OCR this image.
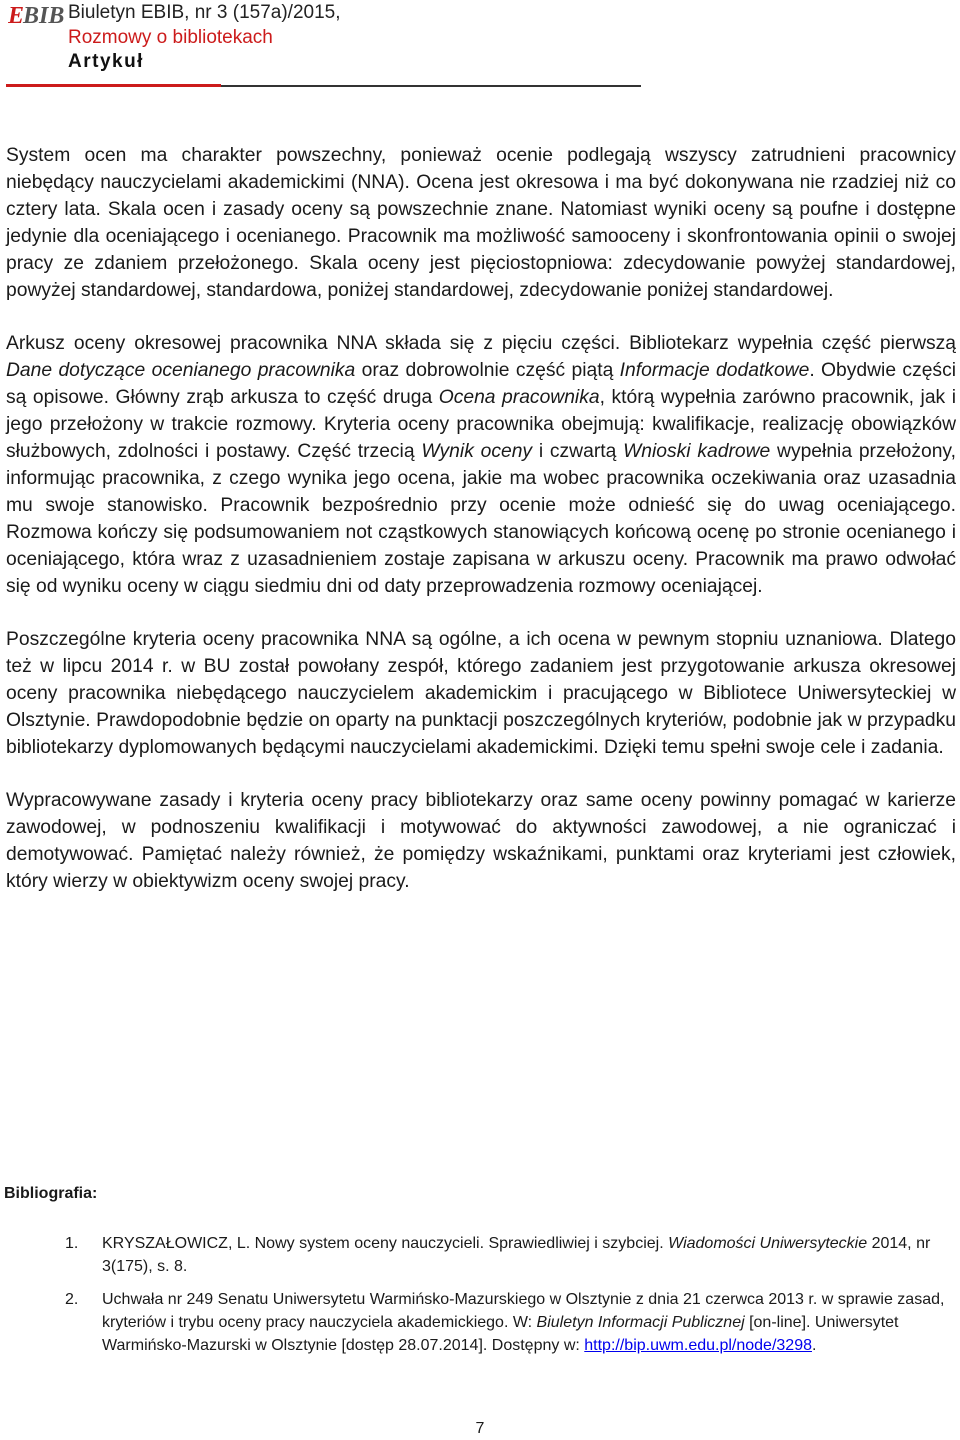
E
BIB Biuletyn EBIB, nr 3 (157a)/2015,
Rozmowy o bibliotekach
Artykuł

System ocen ma charakter powszechny, ponieważ ocenie podlegają wszyscy zatrudnieni pracownicy niebędący nauczycielami akademickimi (NNA). Ocena jest okresowa i ma być dokonywana nie rzadziej niż co cztery lata. Skala ocen i zasady oceny są powszechnie znane. Natomiast wyniki oceny są poufne i dostępne jedynie dla oceniającego i ocenianego. Pracownik ma możliwość samooceny i skonfrontowania opinii o swojej pracy ze zdaniem przełożonego. Skala oceny jest pięciostopniowa: zdecydowanie powyżej standardowej, powyżej standardowej, standardowa, poniżej standardowej, zdecydowanie poniżej standardowej.

Arkusz oceny okresowej pracownika NNA składa się z pięciu części. Bibliotekarz wypełnia część pierwszą Dane dotyczące ocenianego pracownika oraz dobrowolnie część piątą Informacje dodatkowe. Obydwie części są opisowe. Główny zrąb arkusza to część druga Ocena pracownika, którą wypełnia zarówno pracownik, jak i jego przełożony w trakcie rozmowy. Kryteria oceny pracownika obejmują: kwalifikacje, realizację obowiązków służbowych, zdolności i postawy. Część trzecią Wynik oceny i czwartą Wnioski kadrowe wypełnia przełożony, informując pracownika, z czego wynika jego ocena, jakie ma wobec pracownika oczekiwania oraz uzasadnia mu swoje stanowisko. Pracownik bezpośrednio przy ocenie może odnieść się do uwag oceniającego. Rozmowa kończy się podsumowaniem not cząstkowych stanowiących końcową ocenę po stronie ocenianego i oceniającego, która wraz z uzasadnieniem zostaje zapisana w arkuszu oceny. Pracownik ma prawo odwołać się od wyniku oceny w ciągu siedmiu dni od daty przeprowadzenia rozmowy oceniającej.

Poszczególne kryteria oceny pracownika NNA są ogólne, a ich ocena w pewnym stopniu uznaniowa. Dlatego też w lipcu 2014 r. w BU został powołany zespół, którego zadaniem jest przygotowanie arkusza okresowej oceny pracownika niebędącego nauczycielem akademickim i pracującego w Bibliotece Uniwersyteckiej w Olsztynie. Prawdopodobnie będzie on oparty na punktacji poszczególnych kryteriów, podobnie jak w przypadku bibliotekarzy dyplomowanych będącymi nauczycielami akademickimi. Dzięki temu spełni swoje cele i zadania.

Wypracowywane zasady i kryteria oceny pracy bibliotekarzy oraz same oceny powinny pomagać w karierze zawodowej, w podnoszeniu kwalifikacji i motywować do aktywności zawodowej, a nie ograniczać i demotywować. Pamiętać należy również, że pomiędzy wskaźnikami, punktami oraz kryteriami jest człowiek, który wierzy w obiektywizm oceny swojej pracy.

Bibliografia:
1. KRYSZAŁOWICZ, L. Nowy system oceny nauczycieli. Sprawiedliwiej i szybciej. Wiadomości Uniwersyteckie 2014, nr 3(175), s. 8.
2. Uchwała nr 249 Senatu Uniwersytetu Warmińsko-Mazurskiego w Olsztynie z dnia 21 czerwca 2013 r. w sprawie zasad, kryteriów i trybu oceny pracy nauczyciela akademickiego. W: Biuletyn Informacji Publicznej [on-line]. Uniwersytet Warmińsko-Mazurski w Olsztynie [dostęp 28.07.2014]. Dostępny w: http://bip.uwm.edu.pl/node/3298.
7
